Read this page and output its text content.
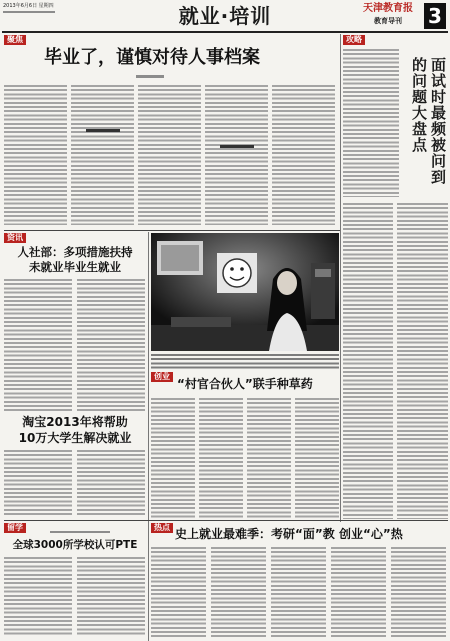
2013年6月6日 星期四	就业·培训	天津教育报
教育导刊	3
聚焦
毕业了，谨慎对待人事档案
攻略
面试时最频被问到的问题大盘点
资讯
人社部：多项措施扶持
未就业毕业生就业
淘宝2013年将帮助
10万大学生解决就业
创业
“村官合伙人”联手种草药
留学
全球3000所学校认可PTE
热点 史上就业最难季：考研“面”教 创业“心”热
